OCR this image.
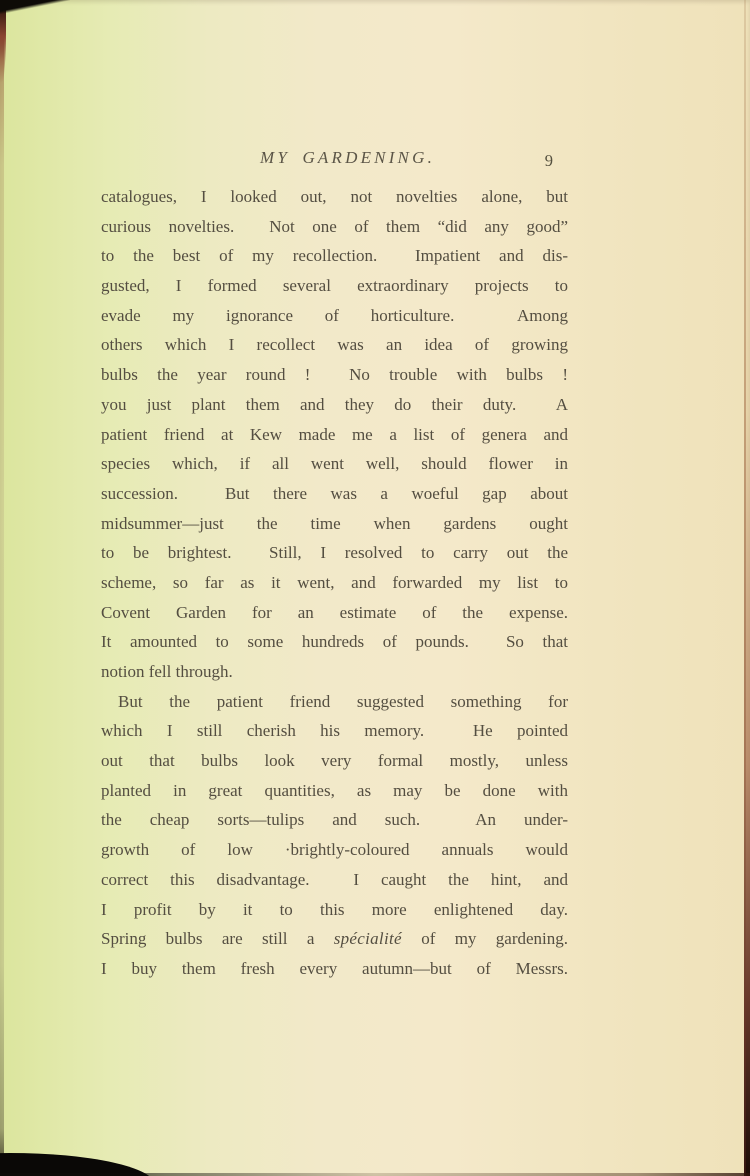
MY GARDENING.	9
catalogues, I looked out, not novelties alone, but
curious novelties.  Not one of them “did any good”
to the best of my recollection.  Impatient and dis-
gusted, I formed several extraordinary projects to
evade my ignorance of horticulture.  Among
others which I recollect was an idea of growing
bulbs the year round !  No trouble with bulbs !
you just plant them and they do their duty.  A
patient friend at Kew made me a list of genera and
species which, if all went well, should flower in
succession.  But there was a woeful gap about
midsummer—just the time when gardens ought
to be brightest.  Still, I resolved to carry out the
scheme, so far as it went, and forwarded my list to
Covent Garden for an estimate of the expense.
It amounted to some hundreds of pounds.  So that
notion fell through.
But the patient friend suggested something for
which I still cherish his memory.  He pointed
out that bulbs look very formal mostly, unless
planted in great quantities, as may be done with
the cheap sorts—tulips and such.  An under-
growth of low ·brightly-coloured annuals would
correct this disadvantage.  I caught the hint, and
I profit by it to this more enlightened day.
Spring bulbs are still a spécialité of my gardening.
I buy them fresh every autumn—but of Messrs.
